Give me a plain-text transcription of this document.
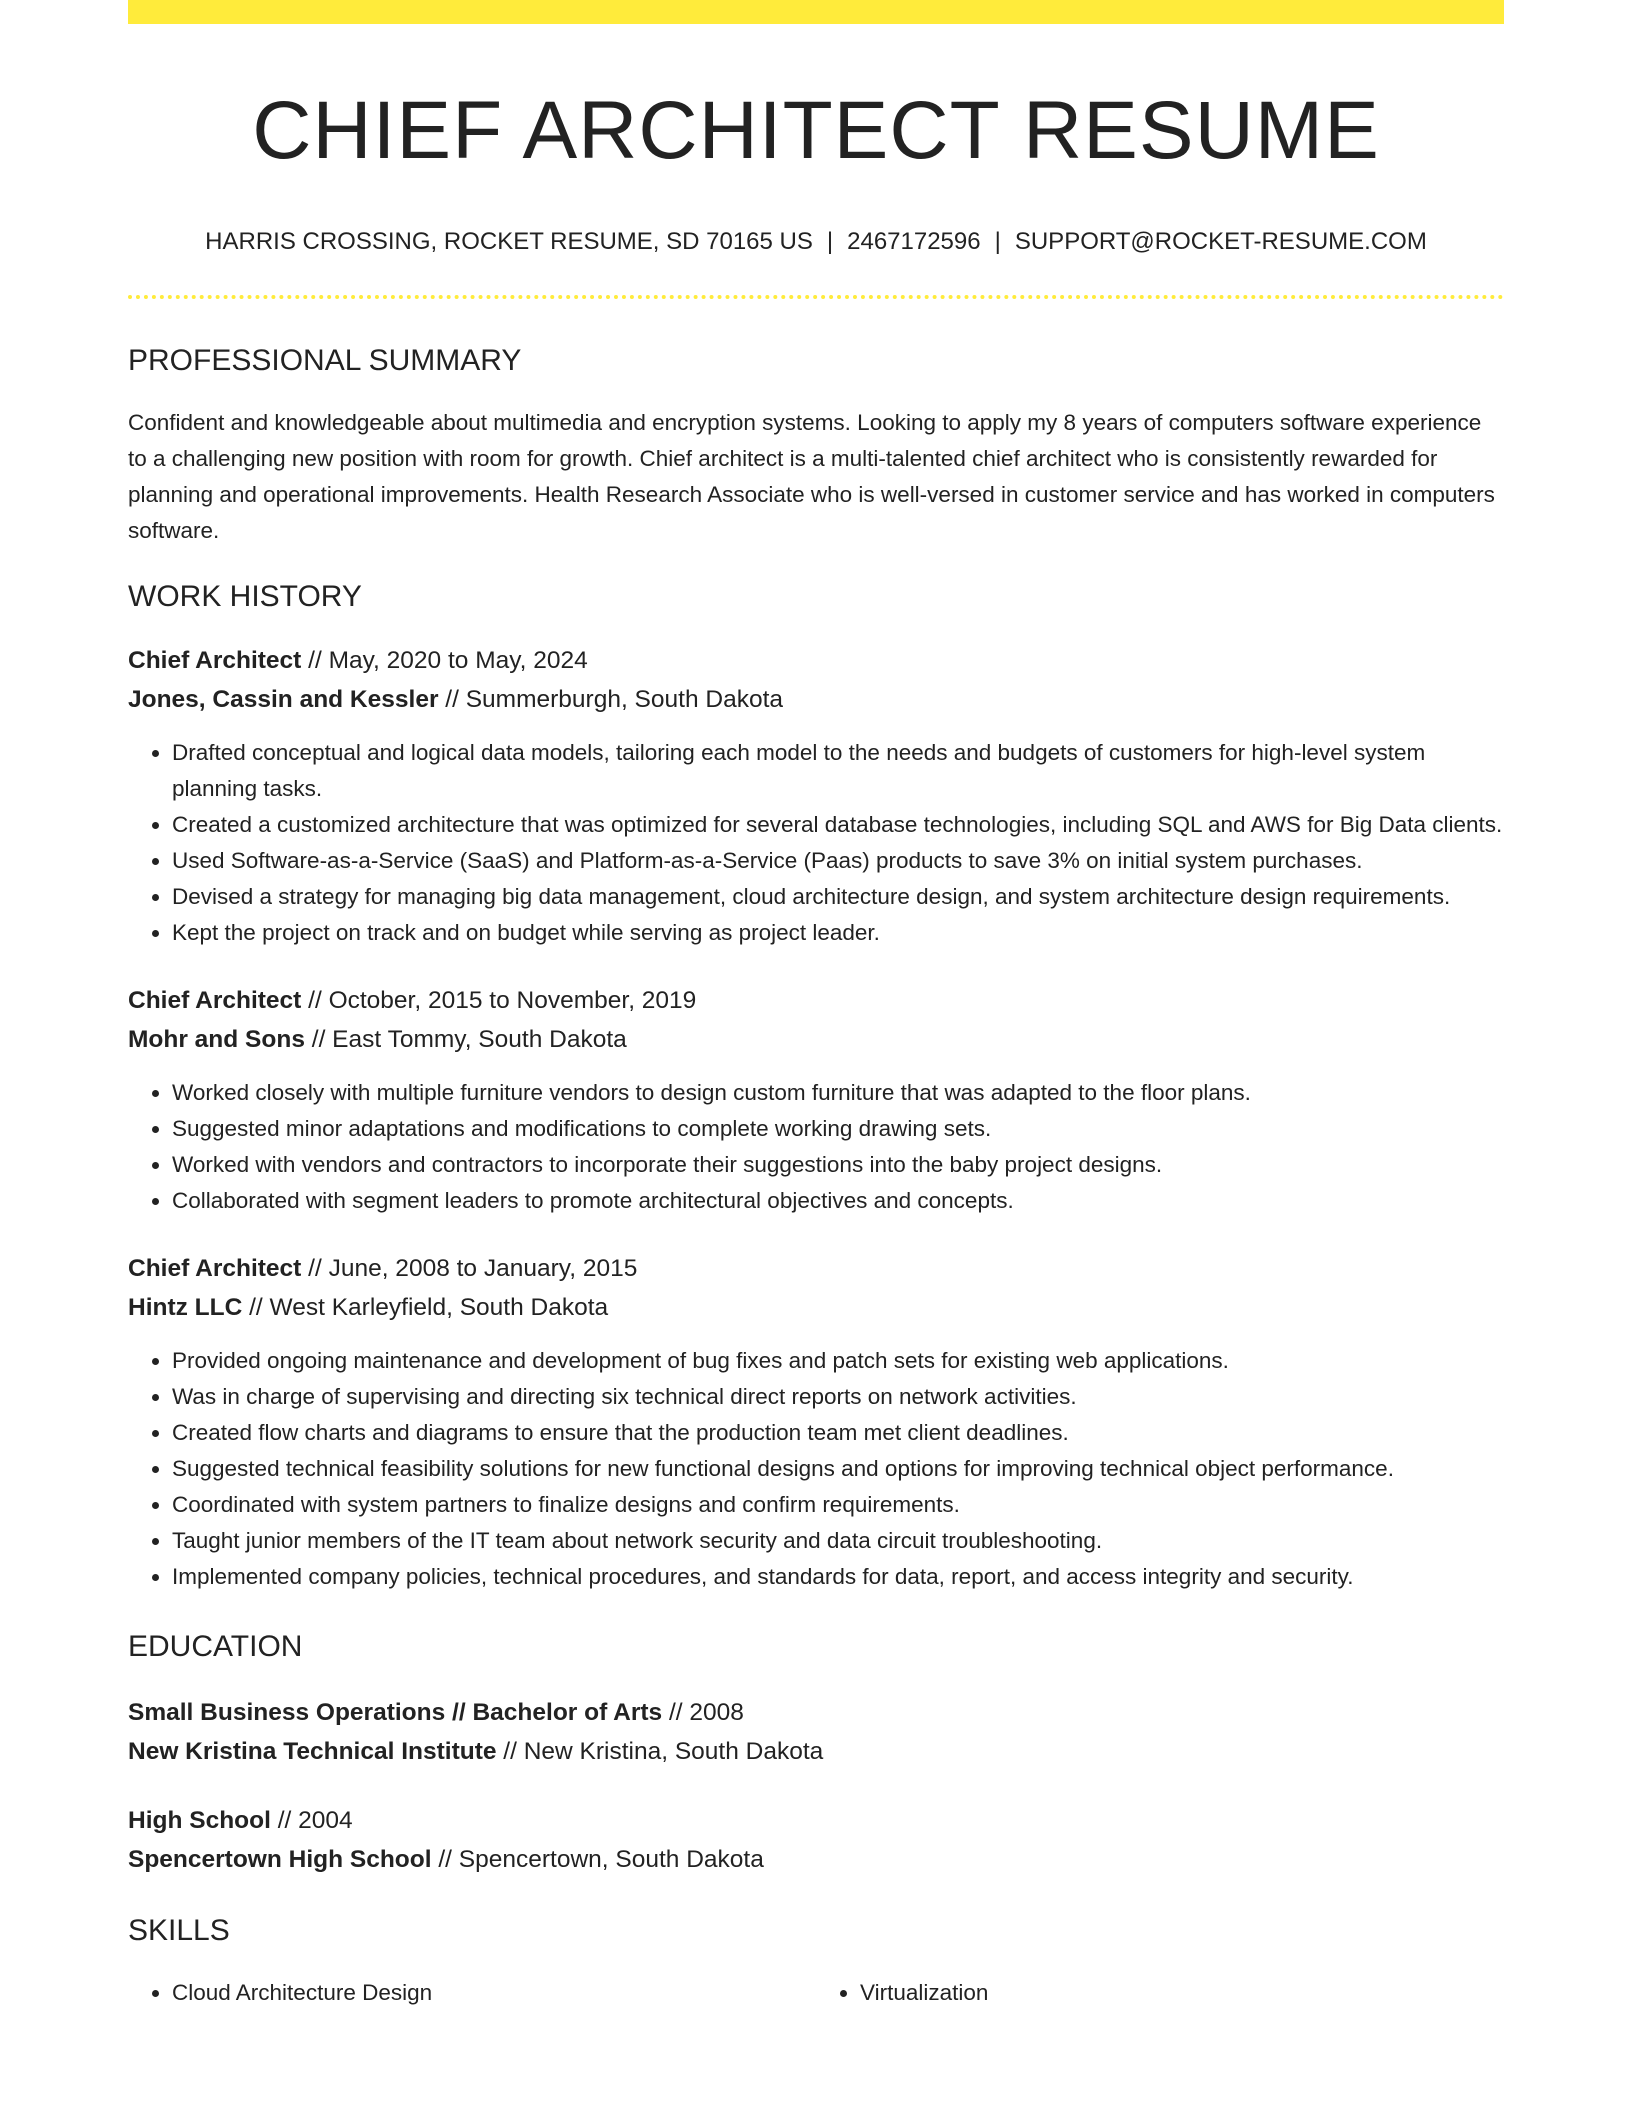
CHIEF ARCHITECT RESUME
HARRIS CROSSING, ROCKET RESUME, SD 70165 US | 2467172596 | SUPPORT@ROCKET-RESUME.COM
PROFESSIONAL SUMMARY

Confident and knowledgeable about multimedia and encryption systems. Looking to apply my 8 years of computers software experience to a challenging new position with room for growth. Chief architect is a multi-talented chief architect who is consistently rewarded for planning and operational improvements. Health Research Associate who is well-versed in customer service and has worked in computers software.

WORK HISTORY
Chief Architect // May, 2020 to May, 2024
Jones, Cassin and Kessler // Summerburgh, South Dakota
• Drafted conceptual and logical data models, tailoring each model to the needs and budgets of customers for high-level system planning tasks.
• Created a customized architecture that was optimized for several database technologies, including SQL and AWS for Big Data clients.
• Used Software-as-a-Service (SaaS) and Platform-as-a-Service (Paas) products to save 3% on initial system purchases.
• Devised a strategy for managing big data management, cloud architecture design, and system architecture design requirements.
• Kept the project on track and on budget while serving as project leader.
Chief Architect // October, 2015 to November, 2019
Mohr and Sons // East Tommy, South Dakota
• Worked closely with multiple furniture vendors to design custom furniture that was adapted to the floor plans.
• Suggested minor adaptations and modifications to complete working drawing sets.
• Worked with vendors and contractors to incorporate their suggestions into the baby project designs.
• Collaborated with segment leaders to promote architectural objectives and concepts.
Chief Architect // June, 2008 to January, 2015
Hintz LLC // West Karleyfield, South Dakota
• Provided ongoing maintenance and development of bug fixes and patch sets for existing web applications.
• Was in charge of supervising and directing six technical direct reports on network activities.
• Created flow charts and diagrams to ensure that the production team met client deadlines.
• Suggested technical feasibility solutions for new functional designs and options for improving technical object performance.
• Coordinated with system partners to finalize designs and confirm requirements.
• Taught junior members of the IT team about network security and data circuit troubleshooting.
• Implemented company policies, technical procedures, and standards for data, report, and access integrity and security.
EDUCATION
Small Business Operations // Bachelor of Arts // 2008
New Kristina Technical Institute // New Kristina, South Dakota
High School // 2004
Spencertown High School // Spencertown, South Dakota
SKILLS
• Cloud Architecture Design
•	Virtualization
